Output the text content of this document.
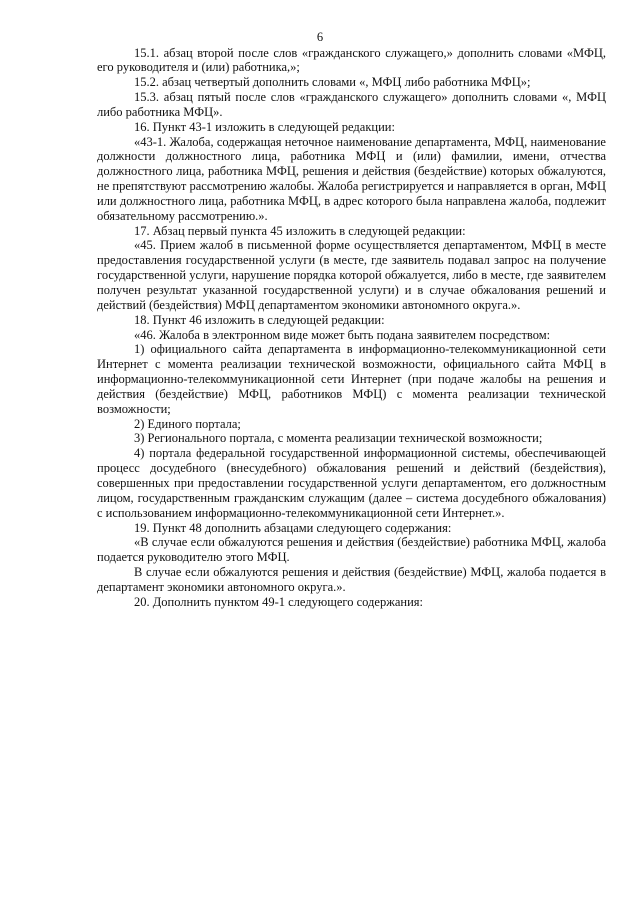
6

15.1. абзац второй после слов «гражданского служащего,» дополнить словами «МФЦ, его руководителя и (или) работника,»;

15.2. абзац четвертый дополнить словами «, МФЦ либо работника МФЦ»;

15.3. абзац пятый после слов «гражданского служащего» дополнить словами «, МФЦ либо работника МФЦ».

16. Пункт 43-1 изложить в следующей редакции:

«43-1. Жалоба, содержащая неточное наименование департамента, МФЦ, наименование должности должностного лица, работника МФЦ и (или) фамилии, имени, отчества должностного лица, работника МФЦ, решения и действия (бездействие) которых обжалуются, не препятствуют рассмотрению жалобы. Жалоба регистрируется и направляется в орган, МФЦ или должностного лица, работника МФЦ, в адрес которого была направлена жалоба, подлежит обязательному рассмотрению.».

17. Абзац первый пункта 45 изложить в следующей редакции:

«45. Прием жалоб в письменной форме осуществляется департаментом, МФЦ в месте предоставления государственной услуги (в месте, где заявитель подавал запрос на получение государственной услуги, нарушение порядка которой обжалуется, либо в месте, где заявителем получен результат указанной государственной услуги) и в случае обжалования решений и действий (бездействия) МФЦ департаментом экономики автономного округа.».

18. Пункт 46 изложить в следующей редакции:

«46. Жалоба в электронном виде может быть подана заявителем посредством:

1) официального сайта департамента в информационно-телекоммуникационной сети Интернет с момента реализации технической возможности, официального сайта МФЦ в информационно-телекоммуникационной сети Интернет (при подаче жалобы на решения и действия (бездействие) МФЦ, работников МФЦ) с момента реализации технической возможности;

2) Единого портала;

3) Регионального портала, с момента реализации технической возможности;

4) портала федеральной государственной информационной системы, обеспечивающей процесс досудебного (внесудебного) обжалования решений и действий (бездействия), совершенных при предоставлении государственной услуги департаментом, его должностным лицом, государственным гражданским служащим (далее – система досудебного обжалования) с использованием информационно-телекоммуникационной сети Интернет.».

19. Пункт 48 дополнить абзацами следующего содержания:

«В случае если обжалуются решения и действия (бездействие) работника МФЦ, жалоба подается руководителю этого МФЦ.

В случае если обжалуются решения и действия (бездействие) МФЦ, жалоба подается в департамент экономики автономного округа.».

20. Дополнить пунктом 49-1 следующего содержания:
